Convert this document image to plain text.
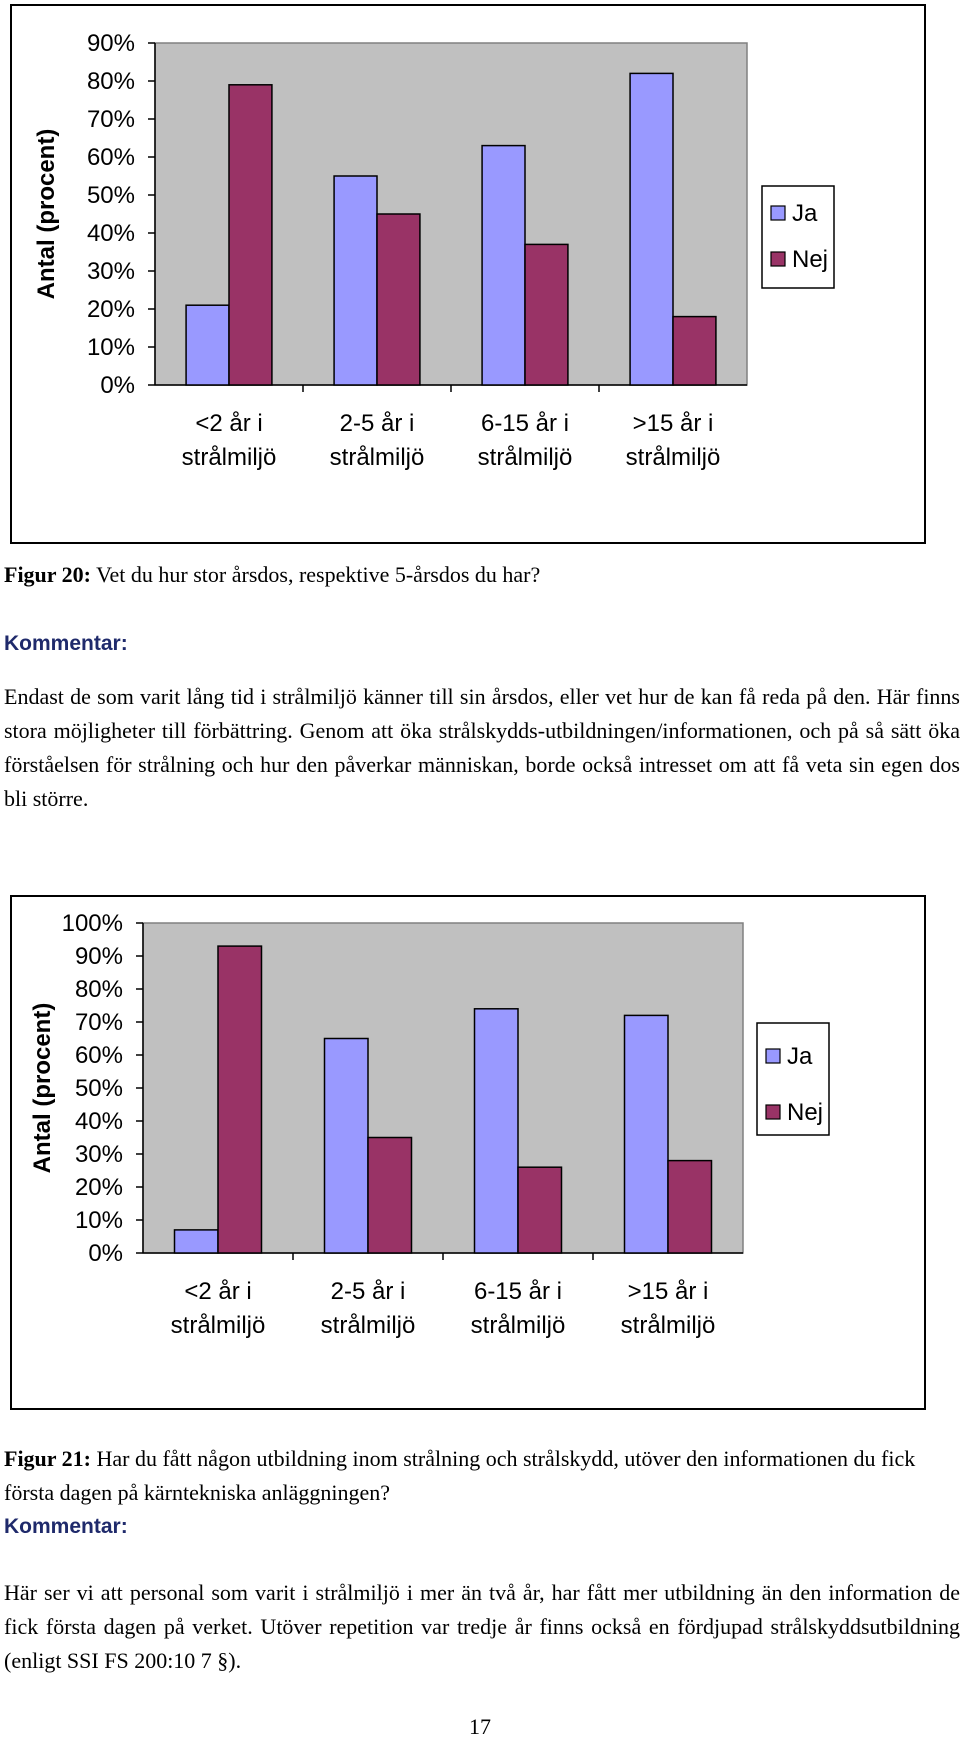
0%
10%
20%
30%
40%
50%
60%
70%
80%
90%
Antal (procent)
<2 år i
strålmiljö
2-5 år i
strålmiljö
6-15 år i
strålmiljö
>15 år i
strålmiljö
Ja
Nej

Figur 20: Vet du hur stor årsdos, respektive 5-årsdos du har?

Kommentar:

Endast de som varit lång tid i strålmiljö känner till sin årsdos, eller vet hur de kan få reda på den. Här finns stora möjligheter till förbättring. Genom att öka strålskydds-utbildningen/informationen, och på så sätt öka förståelsen för strålning och hur den påverkar människan, borde också intresset om att få veta sin egen dos bli större.

0%
10%
20%
30%
40%
50%
60%
70%
80%
90%
100%
Antal (procent)
<2 år i
strålmiljö
2-5 år i
strålmiljö
6-15 år i
strålmiljö
>15 år i
strålmiljö
Ja
Nej

Figur 21: Har du fått någon utbildning inom strålning och strålskydd, utöver den informationen du fick första dagen på kärntekniska anläggningen?

Kommentar:

Här ser vi att personal som varit i strålmiljö i mer än två år, har fått mer utbildning än den information de fick första dagen på verket. Utöver repetition var tredje år finns också en fördjupad strålskyddsutbildning (enligt SSI FS 200:10 7 §).

17
